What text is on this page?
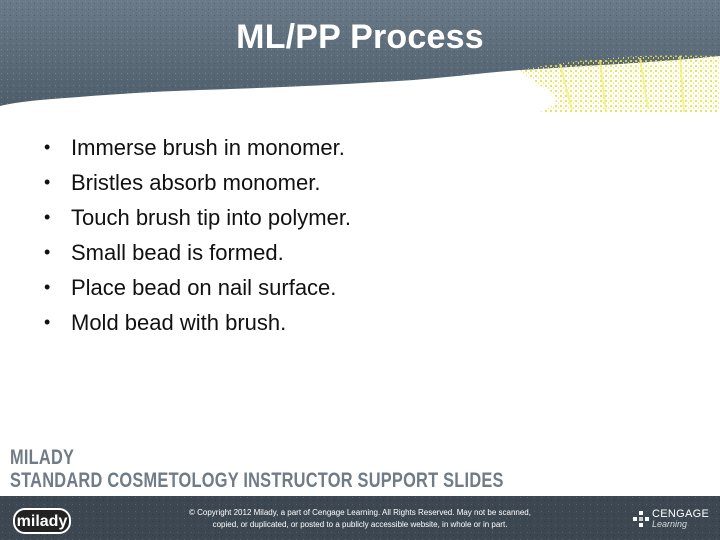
ML/PP Process
• Immerse brush in monomer.
• Bristles absorb monomer.
• Touch brush tip into polymer.
• Small bead is formed.
• Place bead on nail surface.
• Mold bead with brush.
MILADY
STANDARD COSMETOLOGY INSTRUCTOR SUPPORT SLIDES
milady
© Copyright 2012 Milady, a part of Cengage Learning. All Rights Reserved. May not be scanned,
copied, or duplicated, or posted to a publicly accessible website, in whole or in part.
CENGAGE
Learning
